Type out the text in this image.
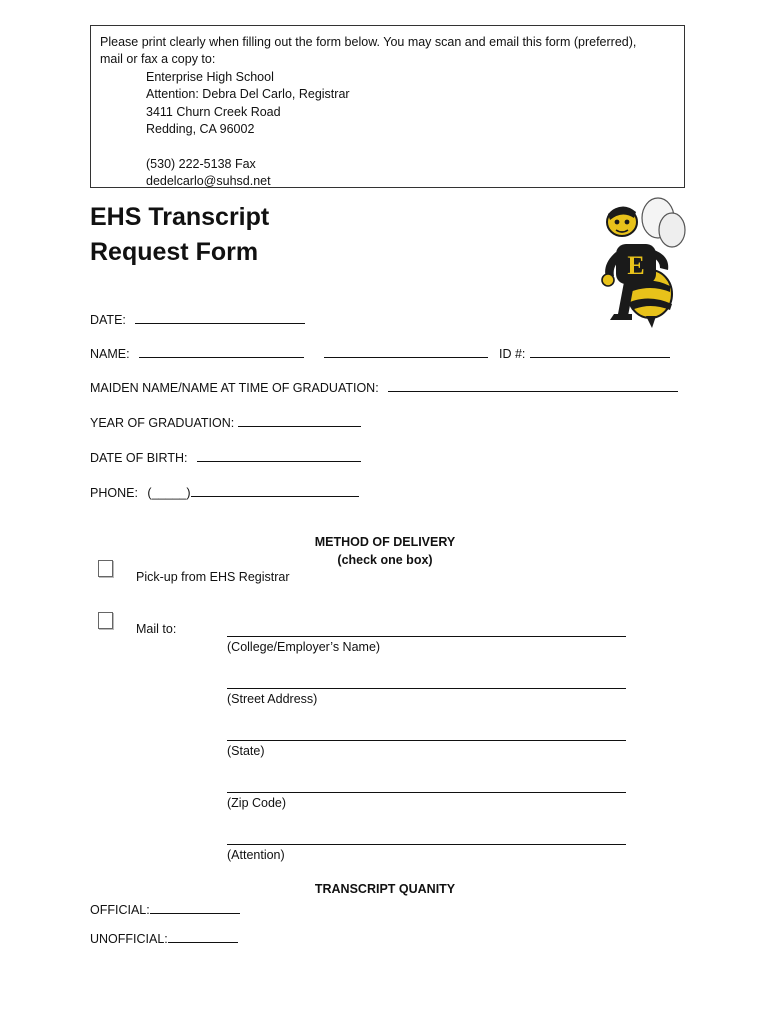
Please print clearly when filling out the form below. You may scan and email this form (preferred),
mail or fax a copy to:
Enterprise High School
Attention: Debra Del Carlo, Registrar
3411 Churn Creek Road
Redding, CA 96002
(530) 222-5138 Fax
dedelcarlo@suhsd.net
EHS Transcript
Request Form	E
DATE:
NAME:	ID #:
MAIDEN NAME/NAME AT TIME OF GRADUATION:
YEAR OF GRADUATION:
DATE OF BIRTH:
PHONE: (_____)
METHOD OF DELIVERY
(check one box)
Pick-up from EHS Registrar
Mail to:
(College/Employer’s Name)
(Street Address)
(State)
(Zip Code)
(Attention)
TRANSCRIPT QUANITY
OFFICIAL:
UNOFFICIAL:
